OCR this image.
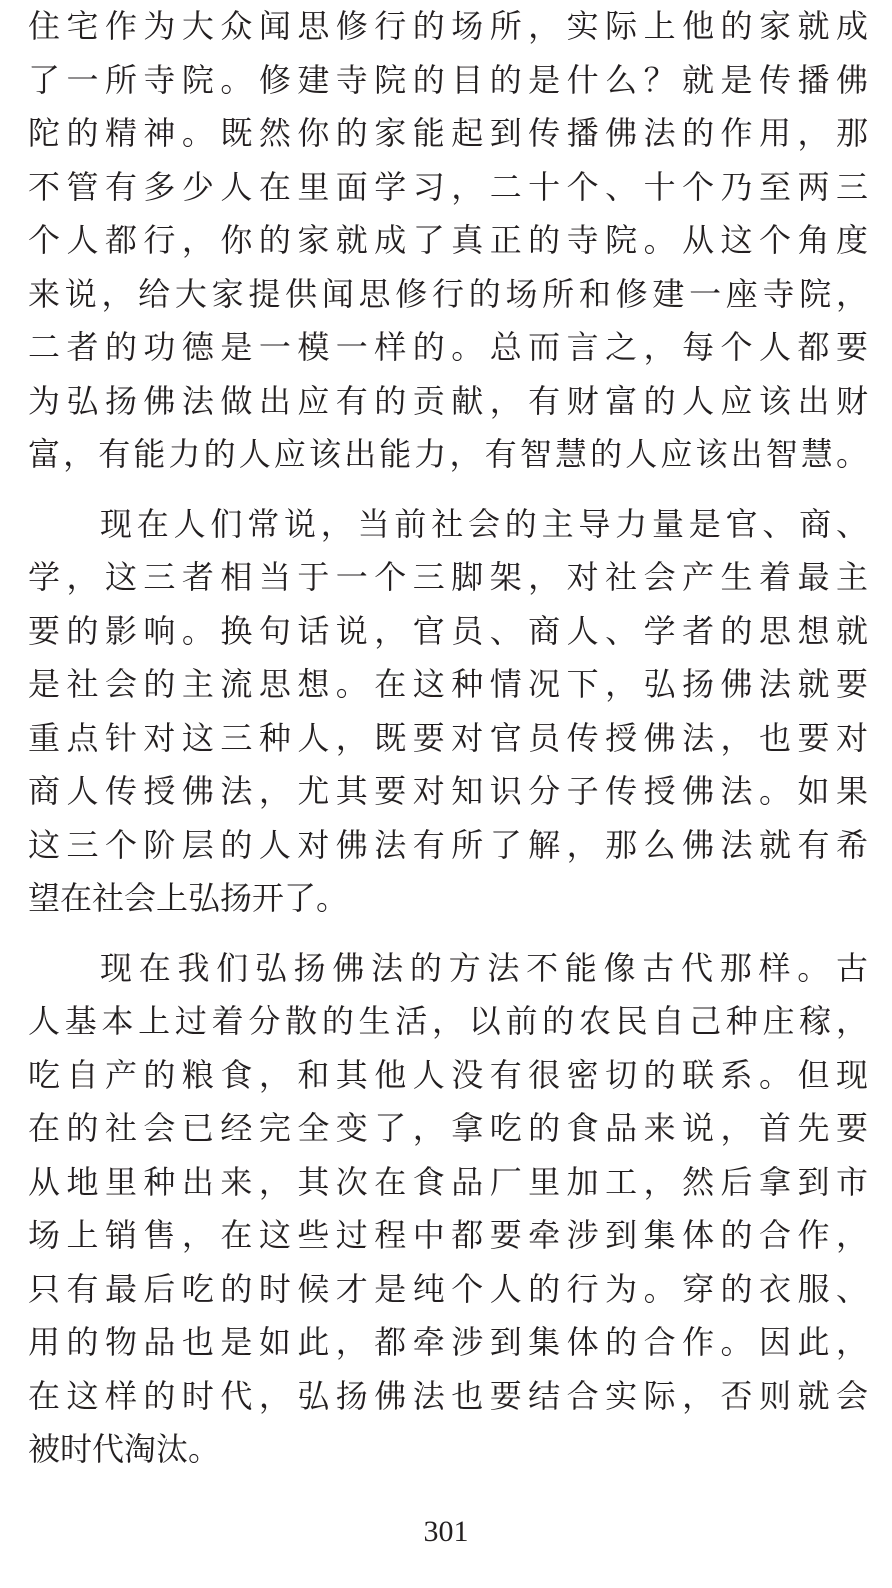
住宅作为大众闻思修行的场所，实际上他的家就成
了一所寺院。修建寺院的目的是什么？就是传播佛
陀的精神。既然你的家能起到传播佛法的作用，那
不管有多少人在里面学习，二十个、十个乃至两三
个人都行，你的家就成了真正的寺院。从这个角度
来说，给大家提供闻思修行的场所和修建一座寺院，
二者的功德是一模一样的。总而言之，每个人都要
为弘扬佛法做出应有的贡献，有财富的人应该出财
富，有能力的人应该出能力，有智慧的人应该出智慧。
现在人们常说，当前社会的主导力量是官、商、
学，这三者相当于一个三脚架，对社会产生着最主
要的影响。换句话说，官员、商人、学者的思想就
是社会的主流思想。在这种情况下，弘扬佛法就要
重点针对这三种人，既要对官员传授佛法，也要对
商人传授佛法，尤其要对知识分子传授佛法。如果
这三个阶层的人对佛法有所了解，那么佛法就有希
望在社会上弘扬开了。
现在我们弘扬佛法的方法不能像古代那样。古
人基本上过着分散的生活，以前的农民自己种庄稼，
吃自产的粮食，和其他人没有很密切的联系。但现
在的社会已经完全变了，拿吃的食品来说，首先要
从地里种出来，其次在食品厂里加工，然后拿到市
场上销售，在这些过程中都要牵涉到集体的合作，
只有最后吃的时候才是纯个人的行为。穿的衣服、
用的物品也是如此，都牵涉到集体的合作。因此，
在这样的时代，弘扬佛法也要结合实际，否则就会
被时代淘汰。
301
